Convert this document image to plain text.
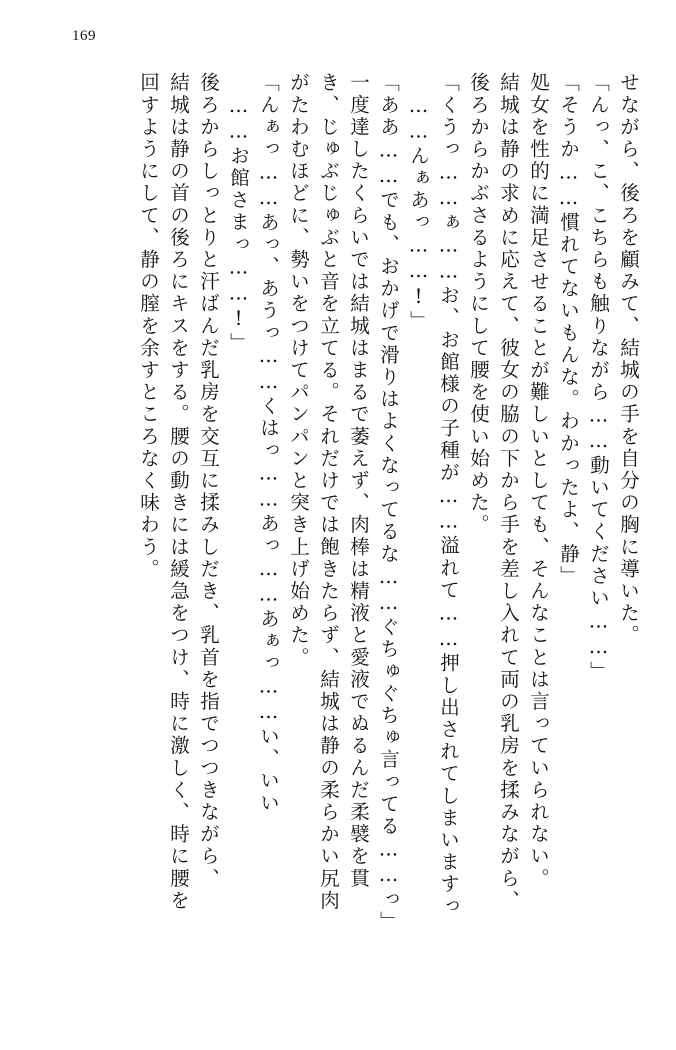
169
せながら、後ろを顧みて、結城の手を自分の胸に導いた。
「んっ、こ、こちらも触りながら……動いてください……」
「そうか……慣れてないもんな。わかったよ、静」
処女を性的に満足させることが難しいとしても、そんなことは言っていられない。
結城は静の求めに応えて、彼女の脇の下から手を差し入れて両の乳房を揉みながら、
後ろからかぶさるようにして腰を使い始めた。
「くうっ……ぁ……お、お館様の子種が……溢れて……押し出されてしまいますっ
……んぁあっ……!」
「ああ……でも、おかげで滑りはよくなってるな……ぐちゅぐちゅ言ってる……っ」
一度達したくらいでは結城はまるで萎えず、肉棒は精液と愛液でぬるんだ柔襞を貫
き、じゅぶじゅぶと音を立てる。それだけでは飽きたらず、結城は静の柔らかい尻肉
がたわむほどに、勢いをつけてパンパンと突き上げ始めた。
「んぁっ……あっ、あうっ……くはっ……あっ……あぁっ……い、いい
……お館さまっ……!」
後ろからしっとりと汗ばんだ乳房を交互に揉みしだき、乳首を指でつつきながら、
結城は静の首の後ろにキスをする。腰の動きには緩急をつけ、時に激しく、時に腰を
回すようにして、静の膣を余すところなく味わう。
